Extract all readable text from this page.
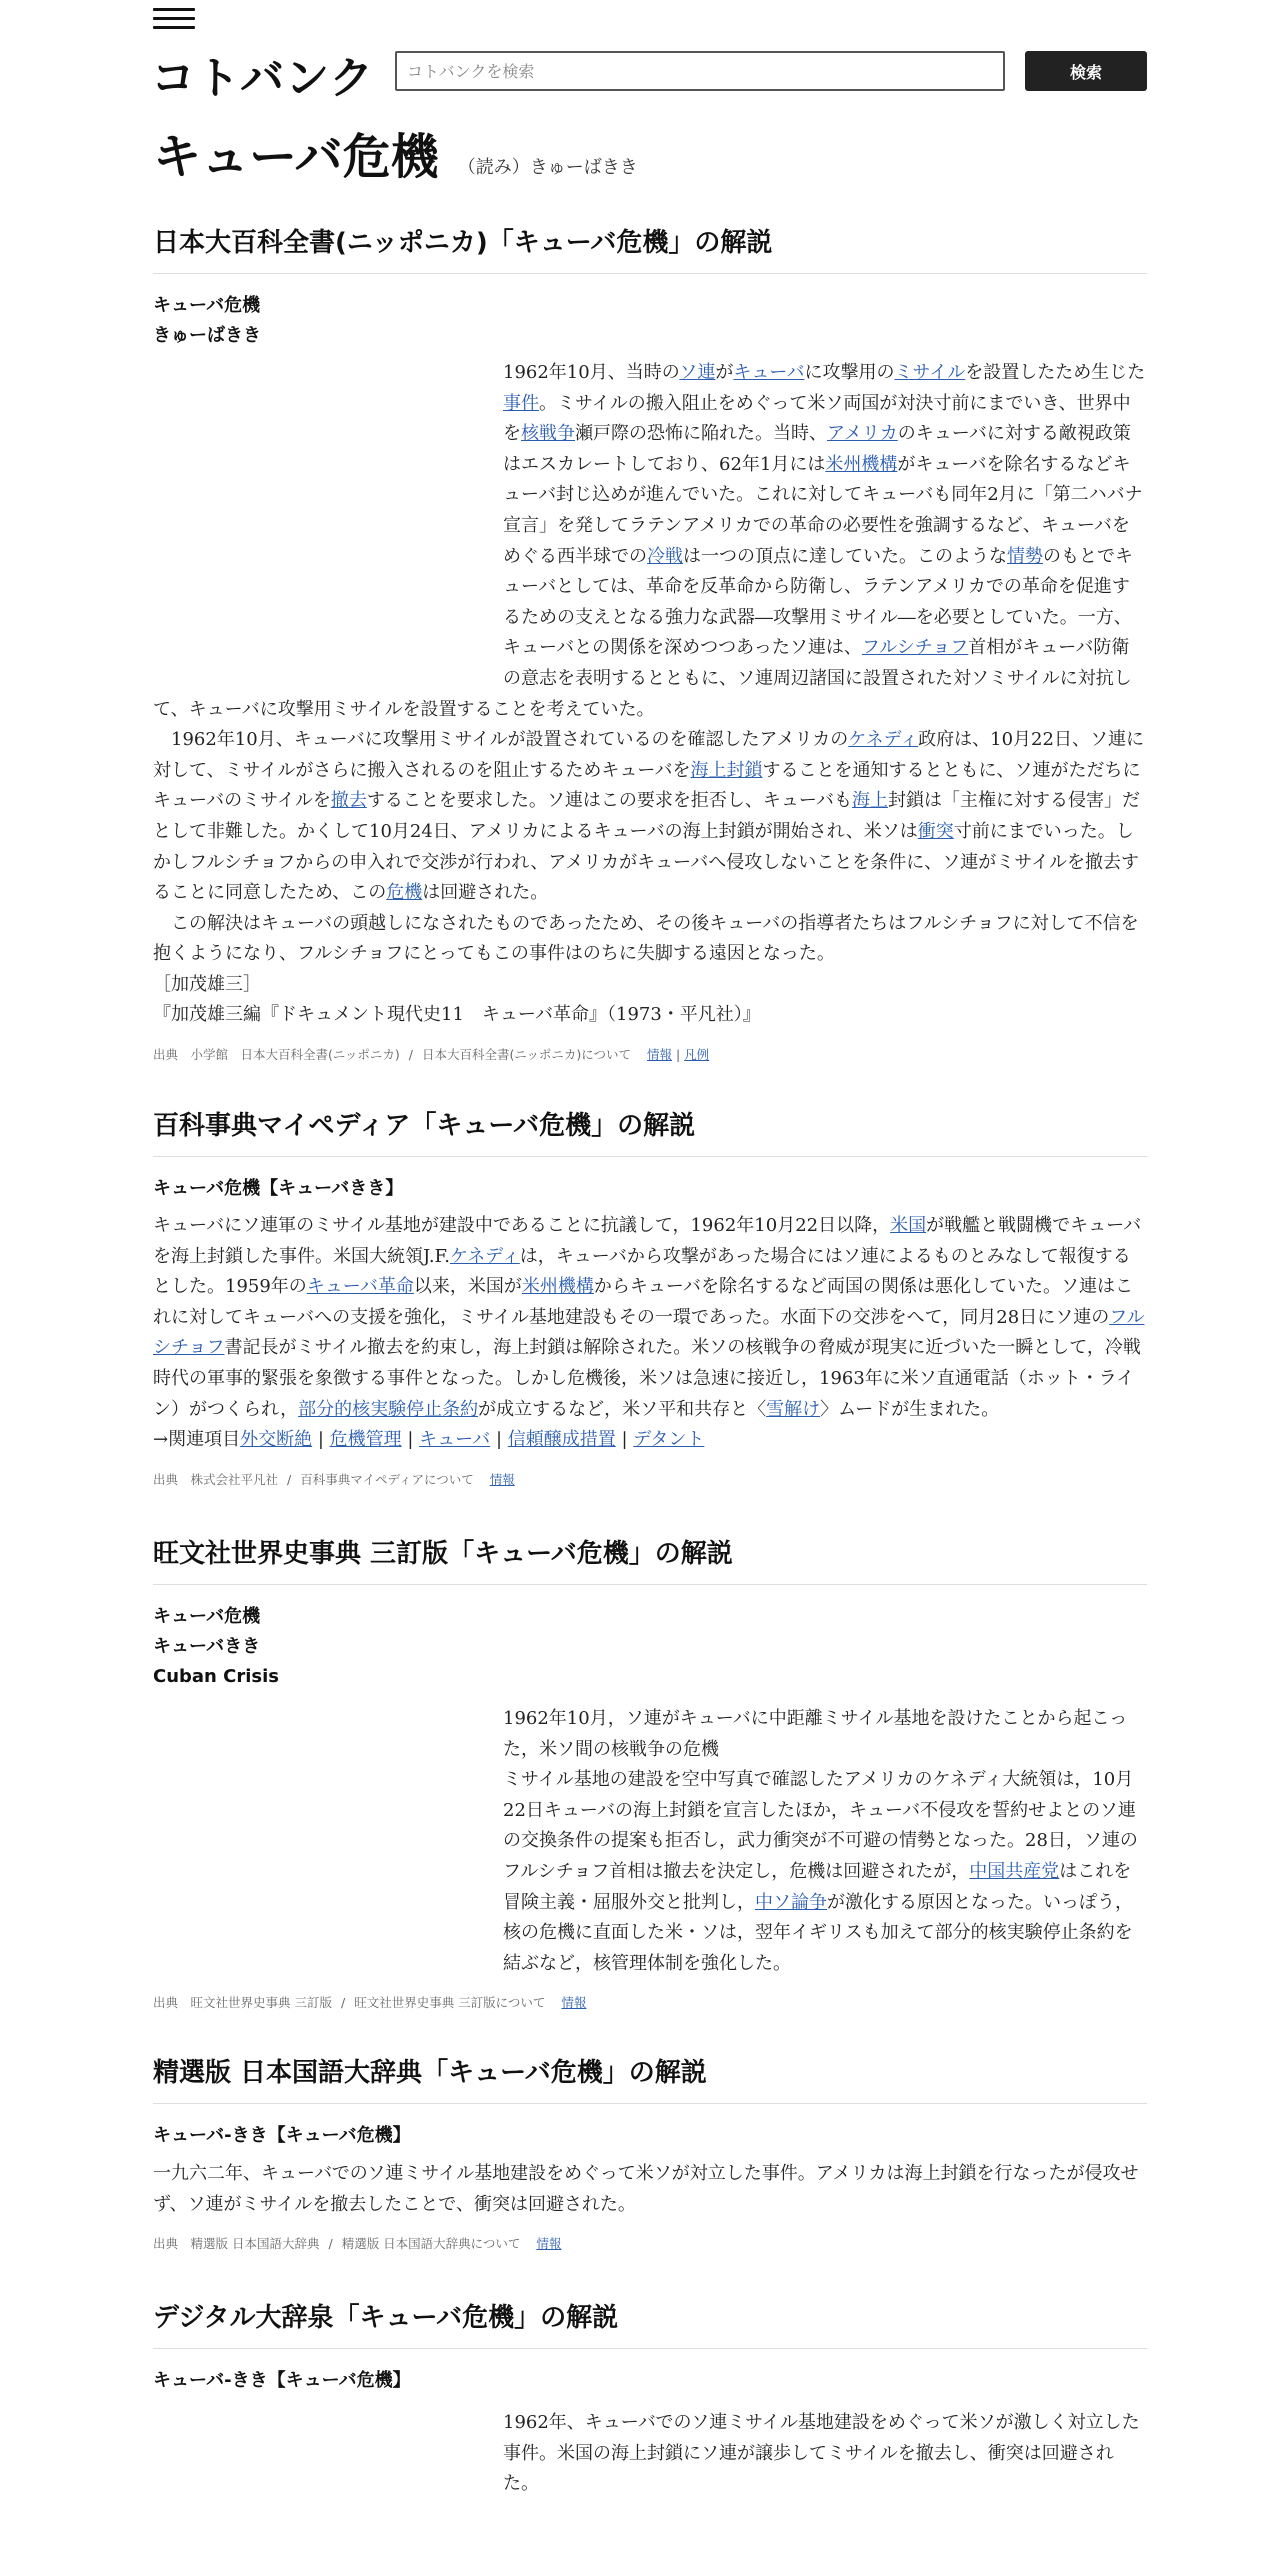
コトバンク
コトバンクを検索	検索
キューバ危機 （読み）きゅーばきき
日本大百科全書(ニッポニカ)「キューバ危機」の解説
キューバ危機
きゅーばきき

1962年10月、当時のソ連がキューバに攻撃用のミサイルを設置したため生じた事件。ミサイルの搬入阻止をめぐって米ソ両国が対決寸前にまでいき、世界中を核戦争瀬戸際の恐怖に陥れた。当時、アメリカのキューバに対する敵視政策はエスカレートしており、62年1月には米州機構がキューバを除名するなどキューバ封じ込めが進んでいた。これに対してキューバも同年2月に「第二ハバナ宣言」を発してラテンアメリカでの革命の必要性を強調するなど、キューバをめぐる西半球での冷戦は一つの頂点に達していた。このような情勢のもとでキューバとしては、革命を反革命から防衛し、ラテンアメリカでの革命を促進するための支えとなる強力な武器―攻撃用ミサイル―を必要としていた。一方、キューバとの関係を深めつつあったソ連は、フルシチョフ首相がキューバ防衛の意志を表明するとともに、ソ連周辺諸国に設置された対ソミサイルに対抗して、キューバに攻撃用ミサイルを設置することを考えていた。

1962年10月、キューバに攻撃用ミサイルが設置されているのを確認したアメリカのケネディ政府は、10月22日、ソ連に対して、ミサイルがさらに搬入されるのを阻止するためキューバを海上封鎖することを通知するとともに、ソ連がただちにキューバのミサイルを撤去することを要求した。ソ連はこの要求を拒否し、キューバも海上封鎖は「主権に対する侵害」だとして非難した。かくして10月24日、アメリカによるキューバの海上封鎖が開始され、米ソは衝突寸前にまでいった。しかしフルシチョフからの申入れで交渉が行われ、アメリカがキューバへ侵攻しないことを条件に、ソ連がミサイルを撤去することに同意したため、この危機は回避された。

この解決はキューバの頭越しになされたものであったため、その後キューバの指導者たちはフルシチョフに対して不信を抱くようになり、フルシチョフにとってもこの事件はのちに失脚する遠因となった。

［加茂雄三］

『加茂雄三編『ドキュメント現代史11　キューバ革命』（1973・平凡社）』

出典　小学館　日本大百科全書(ニッポニカ) / 日本大百科全書(ニッポニカ)について 情報 | 凡例
百科事典マイペディア「キューバ危機」の解説
キューバ危機【キューバきき】

キューバにソ連軍のミサイル基地が建設中であることに抗議して，1962年10月22日以降，米国が戦艦と戦闘機でキューバを海上封鎖した事件。米国大統領J.F.ケネディは，キューバから攻撃があった場合にはソ連によるものとみなして報復するとした。1959年のキューバ革命以来，米国が米州機構からキューバを除名するなど両国の関係は悪化していた。ソ連はこれに対してキューバへの支援を強化，ミサイル基地建設もその一環であった。水面下の交渉をへて，同月28日にソ連のフルシチョフ書記長がミサイル撤去を約束し，海上封鎖は解除された。米ソの核戦争の脅威が現実に近づいた一瞬として，冷戦時代の軍事的緊張を象徴する事件となった。しかし危機後，米ソは急速に接近し，1963年に米ソ直通電話（ホット・ライン）がつくられ，部分的核実験停止条約が成立するなど，米ソ平和共存と〈雪解け〉ムードが生まれた。

→関連項目外交断絶 | 危機管理 | キューバ | 信頼醸成措置 | デタント

出典　株式会社平凡社 / 百科事典マイペディアについて 情報
旺文社世界史事典 三訂版「キューバ危機」の解説
キューバ危機
キューバきき
Cuban Crisis

1962年10月，ソ連がキューバに中距離ミサイル基地を設けたことから起こった，米ソ間の核戦争の危機

ミサイル基地の建設を空中写真で確認したアメリカのケネディ大統領は，10月22日キューバの海上封鎖を宣言したほか，キューバ不侵攻を誓約せよとのソ連の交換条件の提案も拒否し，武力衝突が不可避の情勢となった。28日，ソ連のフルシチョフ首相は撤去を決定し，危機は回避されたが，中国共産党はこれを冒険主義・屈服外交と批判し，中ソ論争が激化する原因となった。いっぽう，核の危機に直面した米・ソは，翌年イギリスも加えて部分的核実験停止条約を結ぶなど，核管理体制を強化した。

出典　旺文社世界史事典 三訂版 / 旺文社世界史事典 三訂版について 情報
精選版 日本国語大辞典「キューバ危機」の解説
キューバ‐きき【キューバ危機】

一九六二年、キューバでのソ連ミサイル基地建設をめぐって米ソが対立した事件。アメリカは海上封鎖を行なったが侵攻せず、ソ連がミサイルを撤去したことで、衝突は回避された。

出典　精選版 日本国語大辞典 / 精選版 日本国語大辞典について 情報
デジタル大辞泉「キューバ危機」の解説
キューバ‐きき【キューバ危機】

1962年、キューバでのソ連ミサイル基地建設をめぐって米ソが激しく対立した事件。米国の海上封鎖にソ連が譲歩してミサイルを撤去し、衝突は回避された。
